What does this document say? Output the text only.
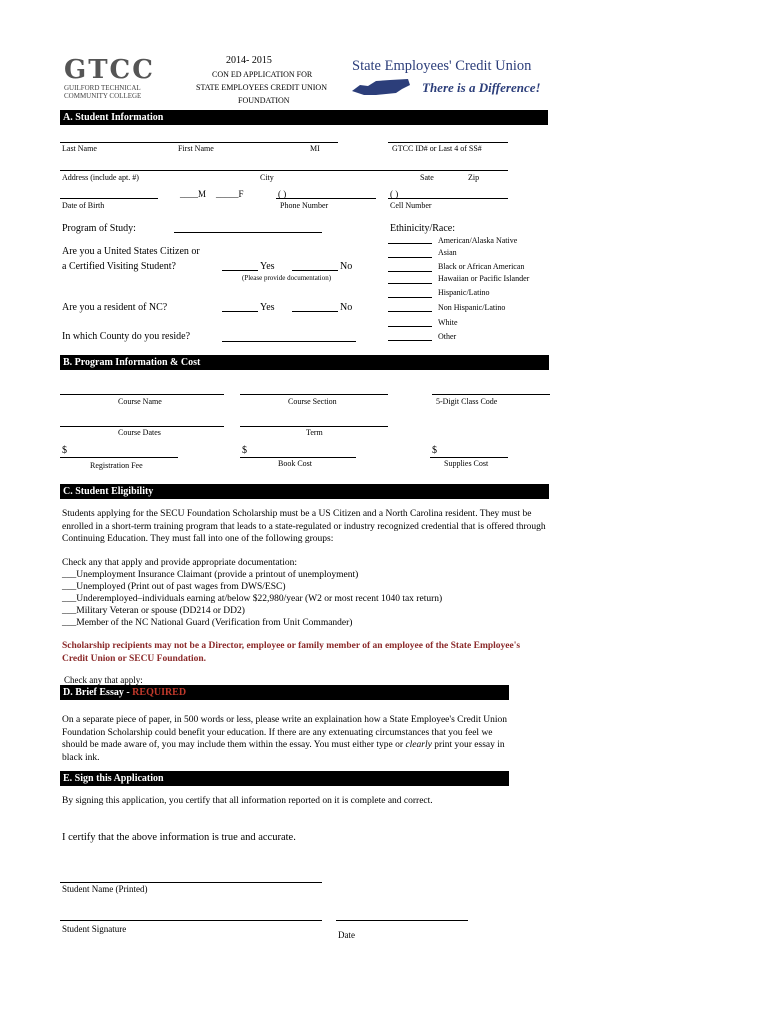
GTCC
GUILFORD TECHNICAL
COMMUNITY COLLEGE
2014- 2015
CON ED APPLICATION FOR
STATE EMPLOYEES CREDIT UNION
FOUNDATION
State Employees' Credit Union
There is a Difference!
A. Student Information
Last Name	First Name	MI	GTCC ID# or Last 4 of SS#
Address (include apt. #)	City	Sate	Zip
____M _____F	( )	( )
Date of Birth	Phone Number	Cell Number
Program of Study:
Are you a United States Citizen or
a Certified Visiting Student?	Yes	No
(Please provide documentation)
Are you a resident of NC?	Yes	No
In which County do you reside?
Ethinicity/Race:
American/Alaska Native
Asian
Black or African American
Hawaiian or Pacific Islander
Hispanic/Latino
Non Hispanic/Latino
White
Other
B. Program Information & Cost
Course Name	Course Section	5-Digit Class Code
Course Dates	Term
$	$	$
Registration Fee	Book Cost	Supplies Cost
C. Student Eligibility
Students applying for the SECU Foundation Scholarship must be a US Citizen and a North Carolina resident. They must be enrolled in a short-term training program that leads to a state-regulated or industry recognized credential that is offered through Continuing Education. They must fall into one of the following groups:
Check any that apply and provide appropriate documentation:
___Unemployment Insurance Claimant (provide a printout of unemployment)
___Unemployed (Print out of past wages from DWS/ESC)
___Underemployed–individuals earning at/below $22,980/year (W2 or most recent 1040 tax return)
___Military Veteran or spouse (DD214 or DD2)
___Member of the NC National Guard (Verification from Unit Commander)
Scholarship recipients may not be a Director, employee or family member of an employee of the State Employee's Credit Union or SECU Foundation.
Check any that apply:
D. Brief Essay - REQUIRED
On a separate piece of paper, in 500 words or less, please write an explaination how a State Employee's Credit Union Foundation Scholarship could benefit your education. If there are any extenuating circumstances that you feel we should be made aware of, you may include them within the essay. You must either type or clearly print your essay in black ink.
E. Sign this Application
By signing this application, you certify that all information reported on it is complete and correct.
I certify that the above information is true and accurate.
Student Name (Printed)
Student Signature
Date
